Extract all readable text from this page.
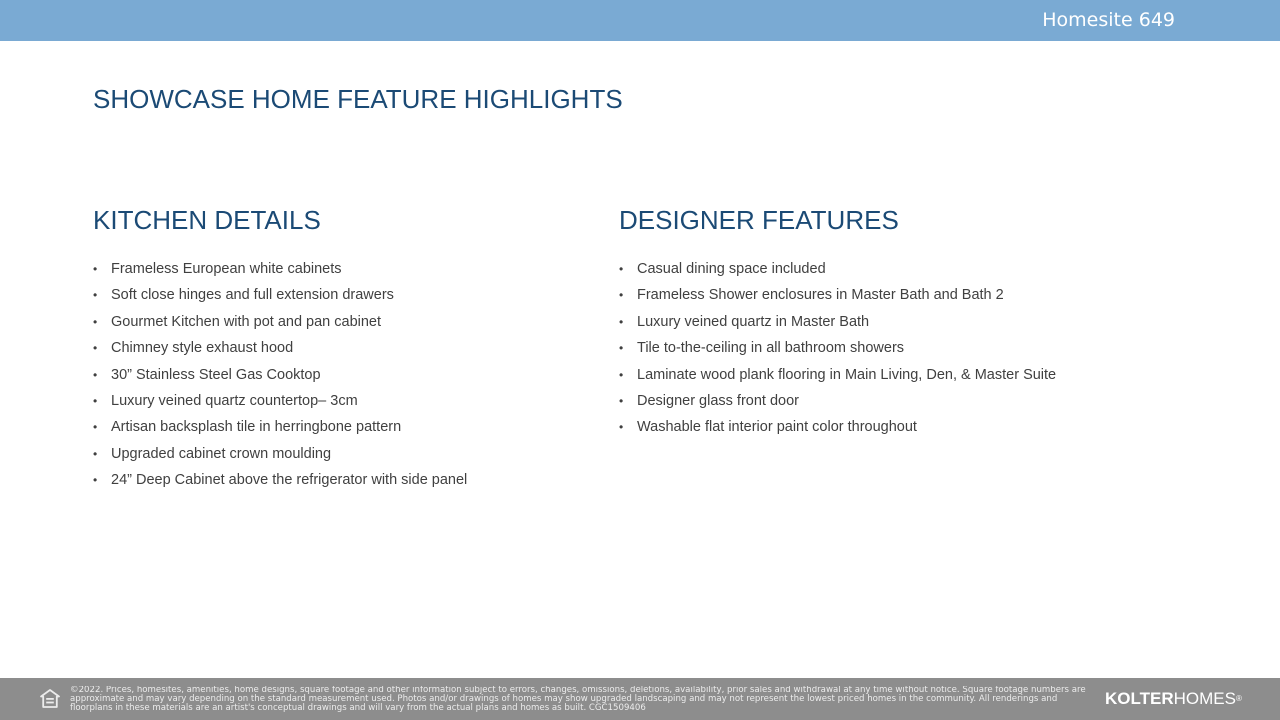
Homesite 649
SHOWCASE HOME FEATURE HIGHLIGHTS
KITCHEN DETAILS
• Frameless European white cabinets
• Soft close hinges and full extension drawers
• Gourmet Kitchen with pot and pan cabinet
• Chimney style exhaust hood
• 30” Stainless Steel Gas Cooktop
• Luxury veined quartz countertop– 3cm
• Artisan backsplash tile in herringbone pattern
• Upgraded cabinet crown moulding
• 24” Deep Cabinet above the refrigerator with side panel
DESIGNER FEATURES
• Casual dining space included
• Frameless Shower enclosures in Master Bath and Bath 2
• Luxury veined quartz in Master Bath
• Tile to-the-ceiling in all bathroom showers
• Laminate wood plank flooring in Main Living, Den, & Master Suite
• Designer glass front door
• Washable flat interior paint color throughout
©2022. Prices, homesites, amenities, home designs, square footage and other information subject to errors, changes, omissions, deletions, availability, prior sales and withdrawal at any time without notice. Square footage numbers are approximate and may vary depending on the standard measurement used. Photos and/or drawings of homes may show upgraded landscaping and may not represent the lowest priced homes in the community. All renderings and floorplans in these materials are an artist's conceptual drawings and will vary from the actual plans and homes as built. CGC1509406	KOLTERHOMES®
